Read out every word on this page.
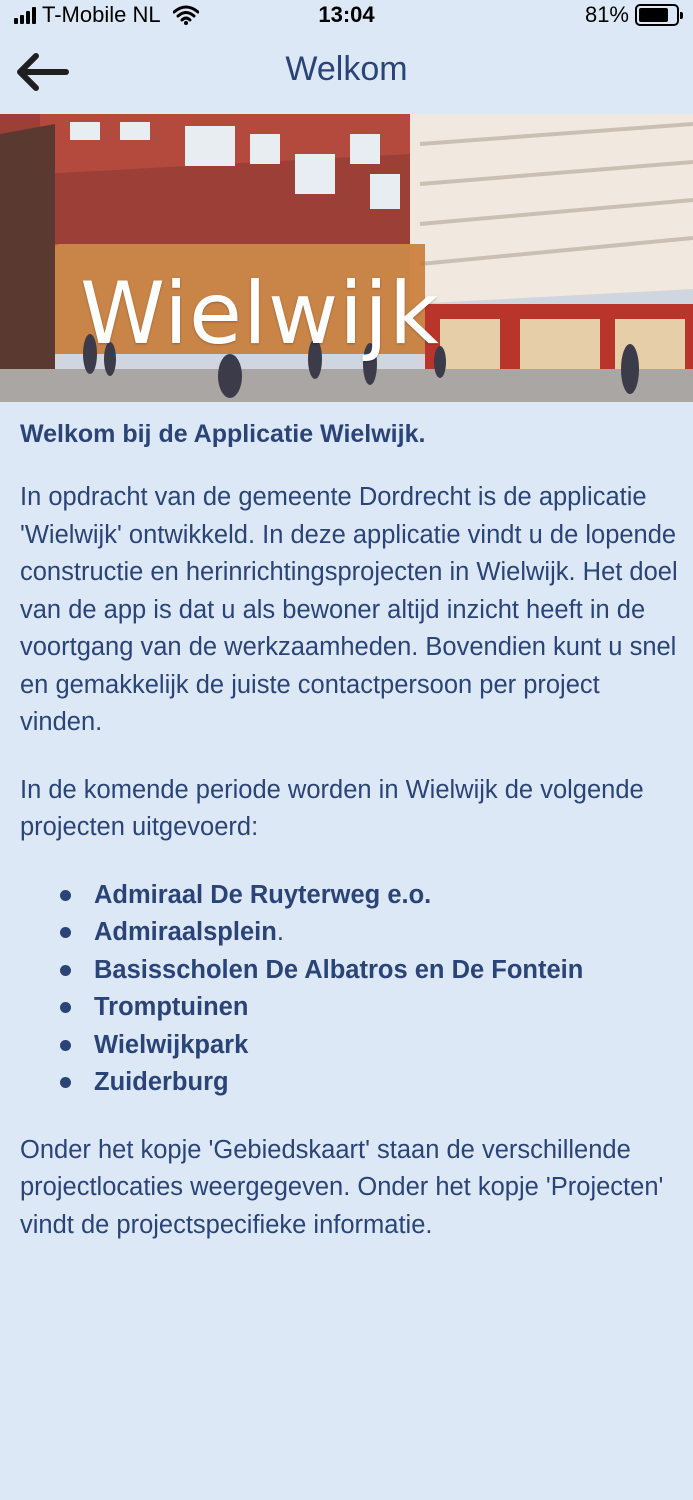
T-Mobile NL	13:04	81%
Welkom
Wielwijk
Welkom bij de Applicatie Wielwijk.
In opdracht van de gemeente Dordrecht is de applicatie 'Wielwijk' ontwikkeld. In deze applicatie vindt u de lopende constructie en herinrichtingsprojecten in Wielwijk. Het doel van de app is dat u als bewoner altijd inzicht heeft in de voortgang van de werkzaamheden. Bovendien kunt u snel en gemakkelijk de juiste contactpersoon per project vinden.
In de komende periode worden in Wielwijk de volgende projecten uitgevoerd:
Admiraal De Ruyterweg e.o.
Admiraalsplein.
Basisscholen De Albatros en De Fontein
Tromptuinen
Wielwijkpark
Zuiderburg
Onder het kopje 'Gebiedskaart' staan de verschillende projectlocaties weergegeven. Onder het kopje 'Projecten' vindt de projectspecifieke informatie.
